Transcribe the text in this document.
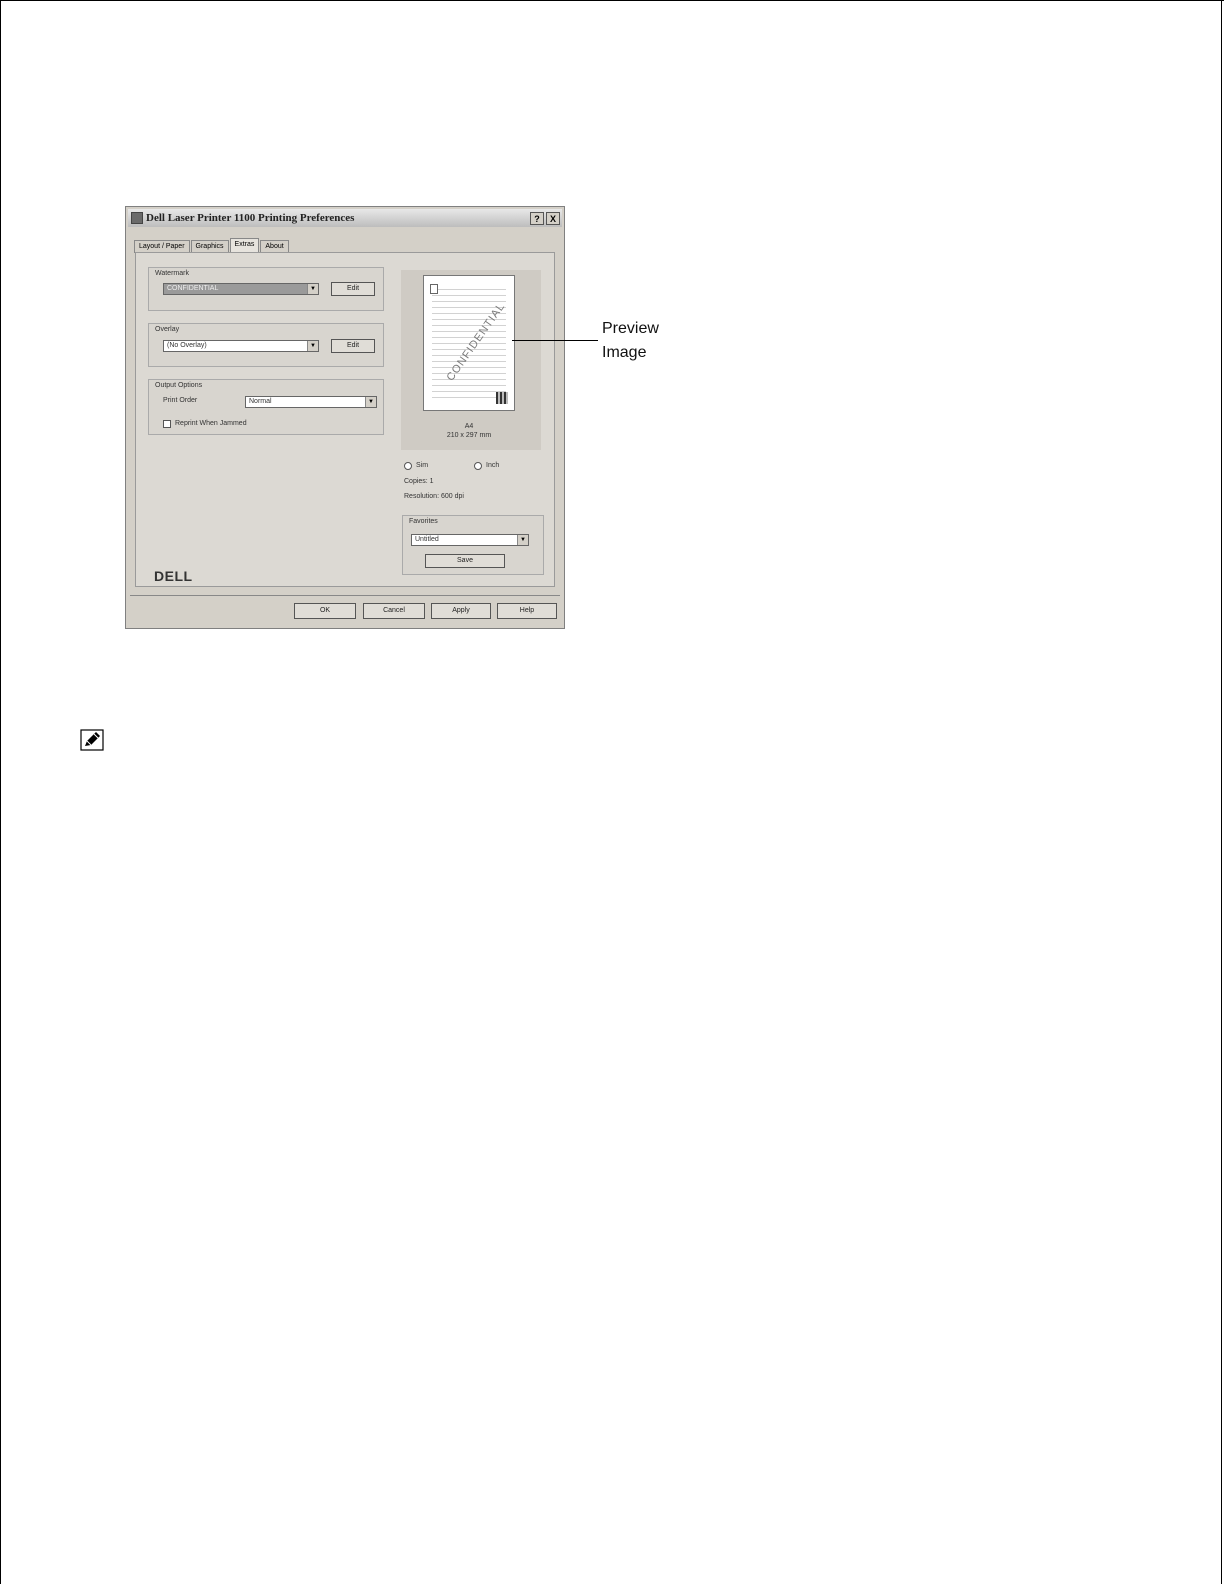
Dell Laser Printer 1100 Printing Preferences	?	X
Layout / Paper	Graphics	Extras	About
Watermark
CONFIDENTIAL	▼	Edit
Overlay
(No Overlay)	▼	Edit
Output Options
Print Order	Normal	▼
Reprint When Jammed
Favorites
Untitled	▼
Save
Sim	Inch
Copies: 1
Resolution: 600 dpi
CONFIDENTIAL
A4
210 x 297 mm
DELL
OK	Cancel	Apply	Help
Preview
Image
